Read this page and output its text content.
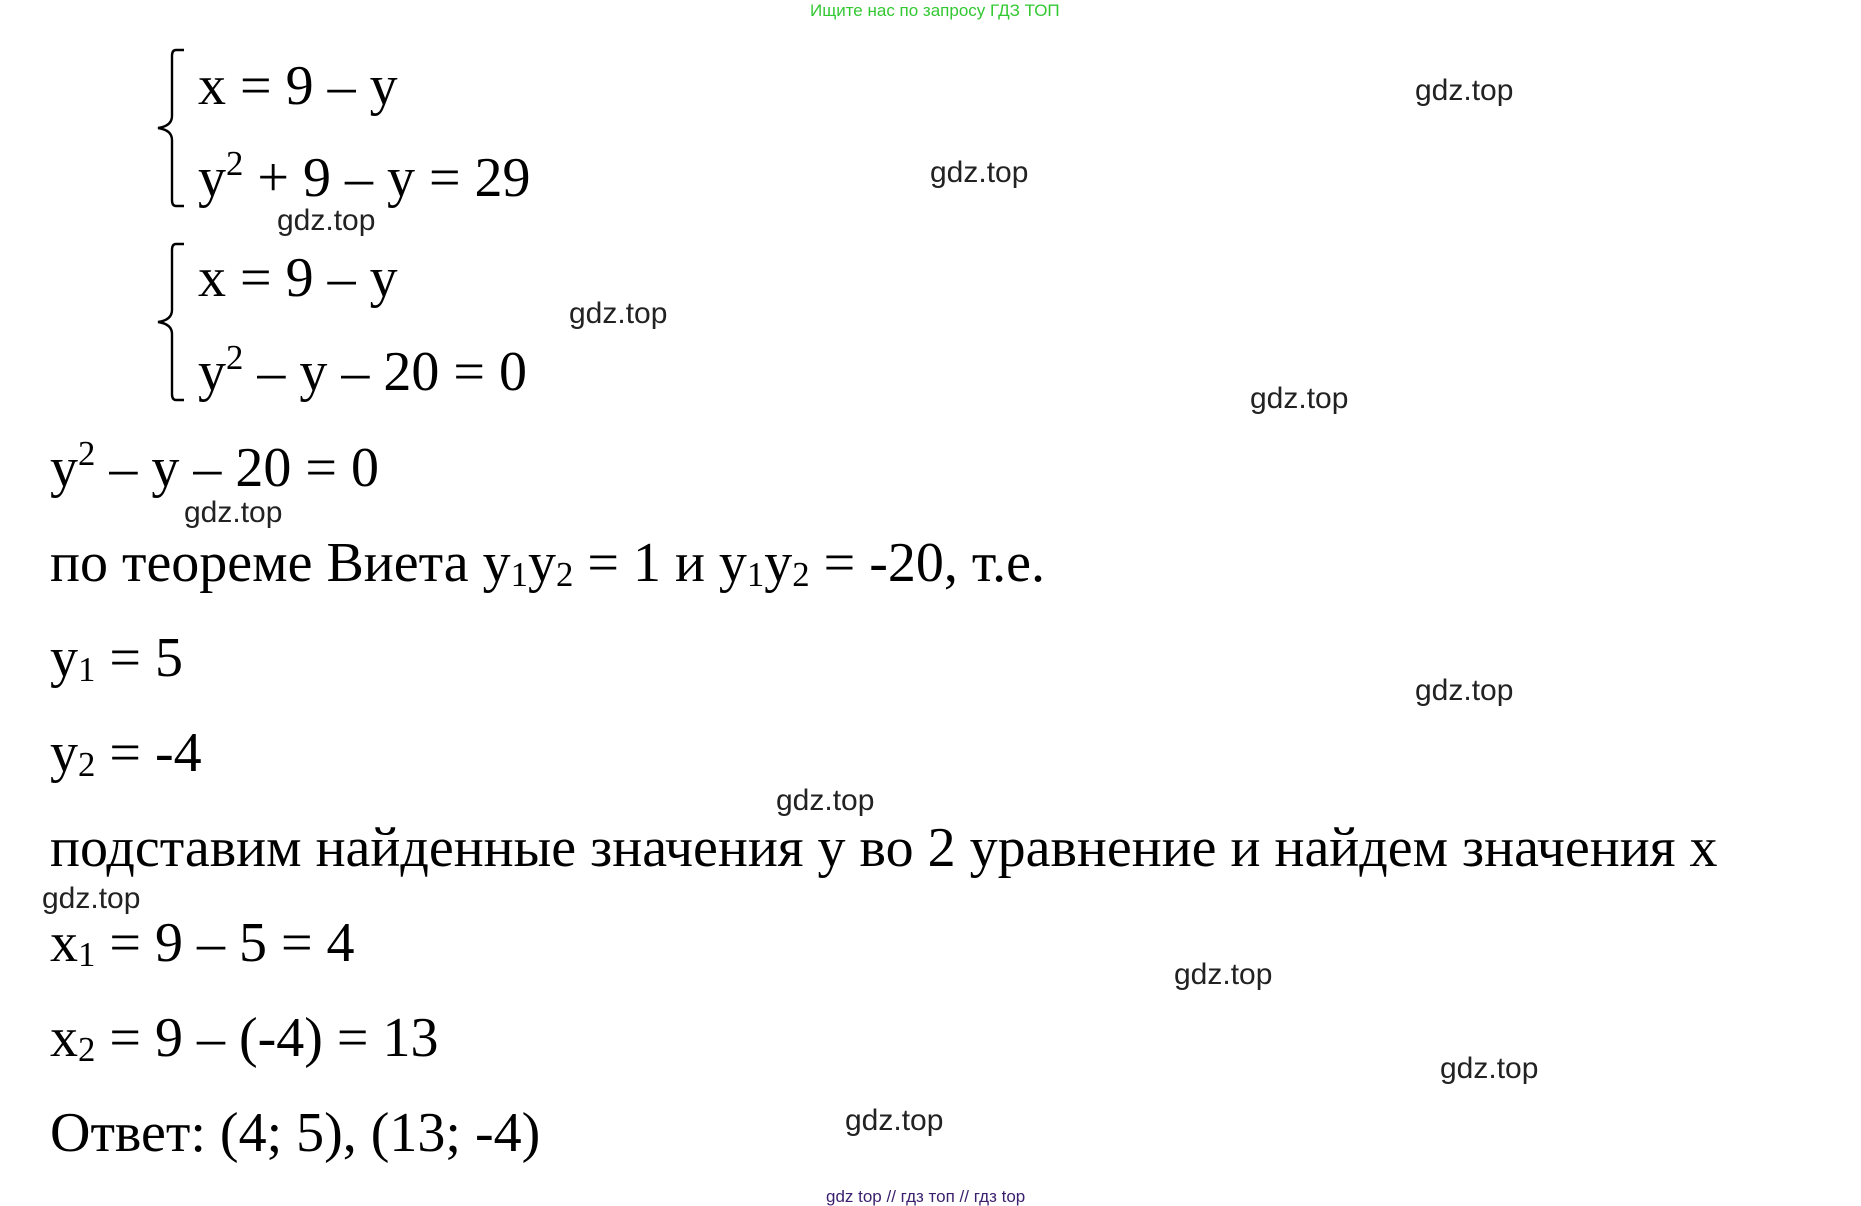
Ищите нас по запросу ГДЗ ТОП
x = 9 – y
$y^2 + 9 - y = 29$
x = 9 – y
$y^2 - y - 20 = 0$
$y^2 - y - 20 = 0$
по теореме Виета $y_1y_2 = 1$ и $y_1y_2 = -20$, т.е.
$y_1 = 5$
$y_2 = -4$
подставим найденные значения y во 2 уравнение и найдем значения x
$x_1 = 9 - 5 = 4$
$x_2 = 9 - (-4) = 13$
Ответ: (4; 5), (13; -4)
gdz.top
gdz.top
gdz.top
gdz.top
gdz.top
gdz.top
gdz.top
gdz.top
gdz.top
gdz.top
gdz.top
gdz.top
gdz top // гдз топ // гдз top
